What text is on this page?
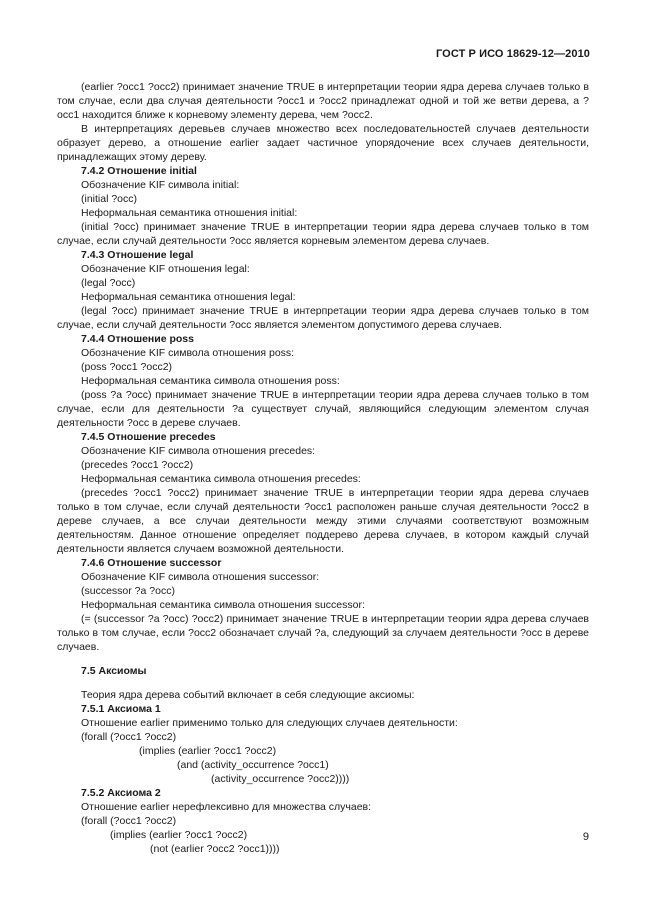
ГОСТ Р ИСО 18629-12—2010

(earlier ?occ1 ?occ2) принимает значение TRUE в интерпретации теории ядра дерева случаев только в том случае, если два случая деятельности ?occ1 и ?occ2 принадлежат одной и той же ветви дерева, а ?occ1 находится ближе к корневому элементу дерева, чем ?occ2.

В интерпретациях деревьев случаев множество всех последовательностей случаев деятельности образует дерево, а отношение earlier задает частичное упорядочение всех случаев деятельности, принадлежащих этому дереву.

7.4.2 Отношение initial

Обозначение KIF символа initial:

(initial ?occ)

Неформальная семантика отношения initial:

(initial ?occ) принимает значение TRUE в интерпретации теории ядра дерева случаев только в том случае, если случай деятельности ?occ является корневым элементом дерева случаев.

7.4.3 Отношение legal

Обозначение KIF отношения legal:

(legal ?occ)

Неформальная семантика отношения legal:

(legal ?occ) принимает значение TRUE в интерпретации теории ядра дерева случаев только в том случае, если случай деятельности ?occ является элементом допустимого дерева случаев.

7.4.4 Отношение poss

Обозначение KIF символа отношения poss:

(poss ?occ1 ?occ2)

Неформальная семантика символа отношения poss:

(poss ?a ?occ) принимает значение TRUE в интерпретации теории ядра дерева случаев только в том случае, если для деятельности ?a существует случай, являющийся следующим элементом случая деятельности ?occ в дереве случаев.

7.4.5 Отношение precedes

Обозначение KIF символа отношения precedes:

(precedes ?occ1 ?occ2)

Неформальная семантика символа отношения precedes:

(precedes ?occ1 ?occ2) принимает значение TRUE в интерпретации теории ядра дерева случаев только в том случае, если случай деятельности ?occ1 расположен раньше случая деятельности ?occ2 в дереве случаев, а все случаи деятельности между этими случаями соответствуют возможным деятельностям. Данное отношение определяет поддерево дерева случаев, в котором каждый случай деятельности является случаем возможной деятельности.

7.4.6 Отношение successor

Обозначение KIF символа отношения successor:

(successor ?a ?occ)

Неформальная семантика символа отношения successor:

(= (successor ?a ?occ) ?occ2) принимает значение TRUE в интерпретации теории ядра дерева случаев только в том случае, если ?occ2 обозначает случай ?a, следующий за случаем деятельности ?occ в дереве случаев.

7.5 Аксиомы

Теория ядра дерева событий включает в себя следующие аксиомы:

7.5.1 Аксиома 1

Отношение earlier применимо только для следующих случаев деятельности:

(forall (?occ1 ?occ2)

(implies (earlier ?occ1 ?occ2)

(and (activity_occurrence ?occ1)

(activity_occurrence ?occ2))))

7.5.2 Аксиома 2

Отношение earlier нерефлексивно для множества случаев:

(forall (?occ1 ?occ2)

(implies (earlier ?occ1 ?occ2)

(not (earlier ?occ2 ?occ1))))

9
